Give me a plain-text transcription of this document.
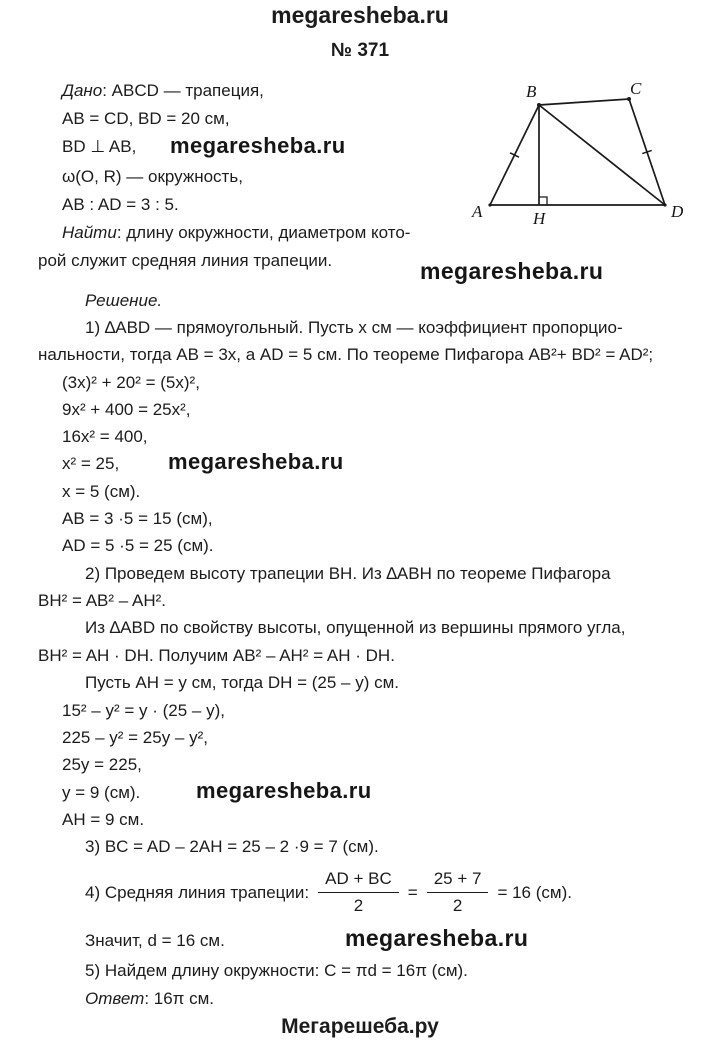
megaresheba.ru
№ 371
Дано: ABCD — трапеция,
AB = CD, BD = 20 см,
BD ⊥ AB, megaresheba.ru
ω(O, R) — окружность,
AB : AD = 3 : 5.
Найти: длину окружности, диаметром кото-
рой служит средняя линия трапеции.	megaresheba.ru
A
B	C
D
H
Решение.
1) ∆ABD — прямоугольный. Пусть x см — коэффициент пропорцио-
нальности, тогда AB = 3x, а AD = 5 см. По теореме Пифагора AB²+ BD² = AD²;
(3x)² + 20² = (5x)²,
9x² + 400 = 25x²,
16x² = 400,
x² = 25, megaresheba.ru
x = 5 (см).
AB = 3 ·5 = 15 (см),
AD = 5 ·5 = 25 (см).
2) Проведем высоту трапеции BH. Из ∆ABH по теореме Пифагора
BH² = AB² – AH².
Из ∆ABD по свойству высоты, опущенной из вершины прямого угла,
BH² = AH · DH. Получим AB² – AH² = AH · DH.
Пусть AH = y см, тогда DH = (25 – y) см.
15² – y² = y · (25 – y),
225 – y² = 25y – y²,
25y = 225,
y = 9 (см).	megaresheba.ru
AH = 9 см.
3) BC = AD – 2AH = 25 – 2 ·9 = 7 (см).
4) Средняя линия трапеции: $\frac{AD + BC}{2} = \frac{25 + 7}{2} = 16$ (см).
Значит, d = 16 см.	megaresheba.ru
5) Найдем длину окружности: C = πd = 16π (см).
Ответ: 16π см.
Мегарешеба.ру
